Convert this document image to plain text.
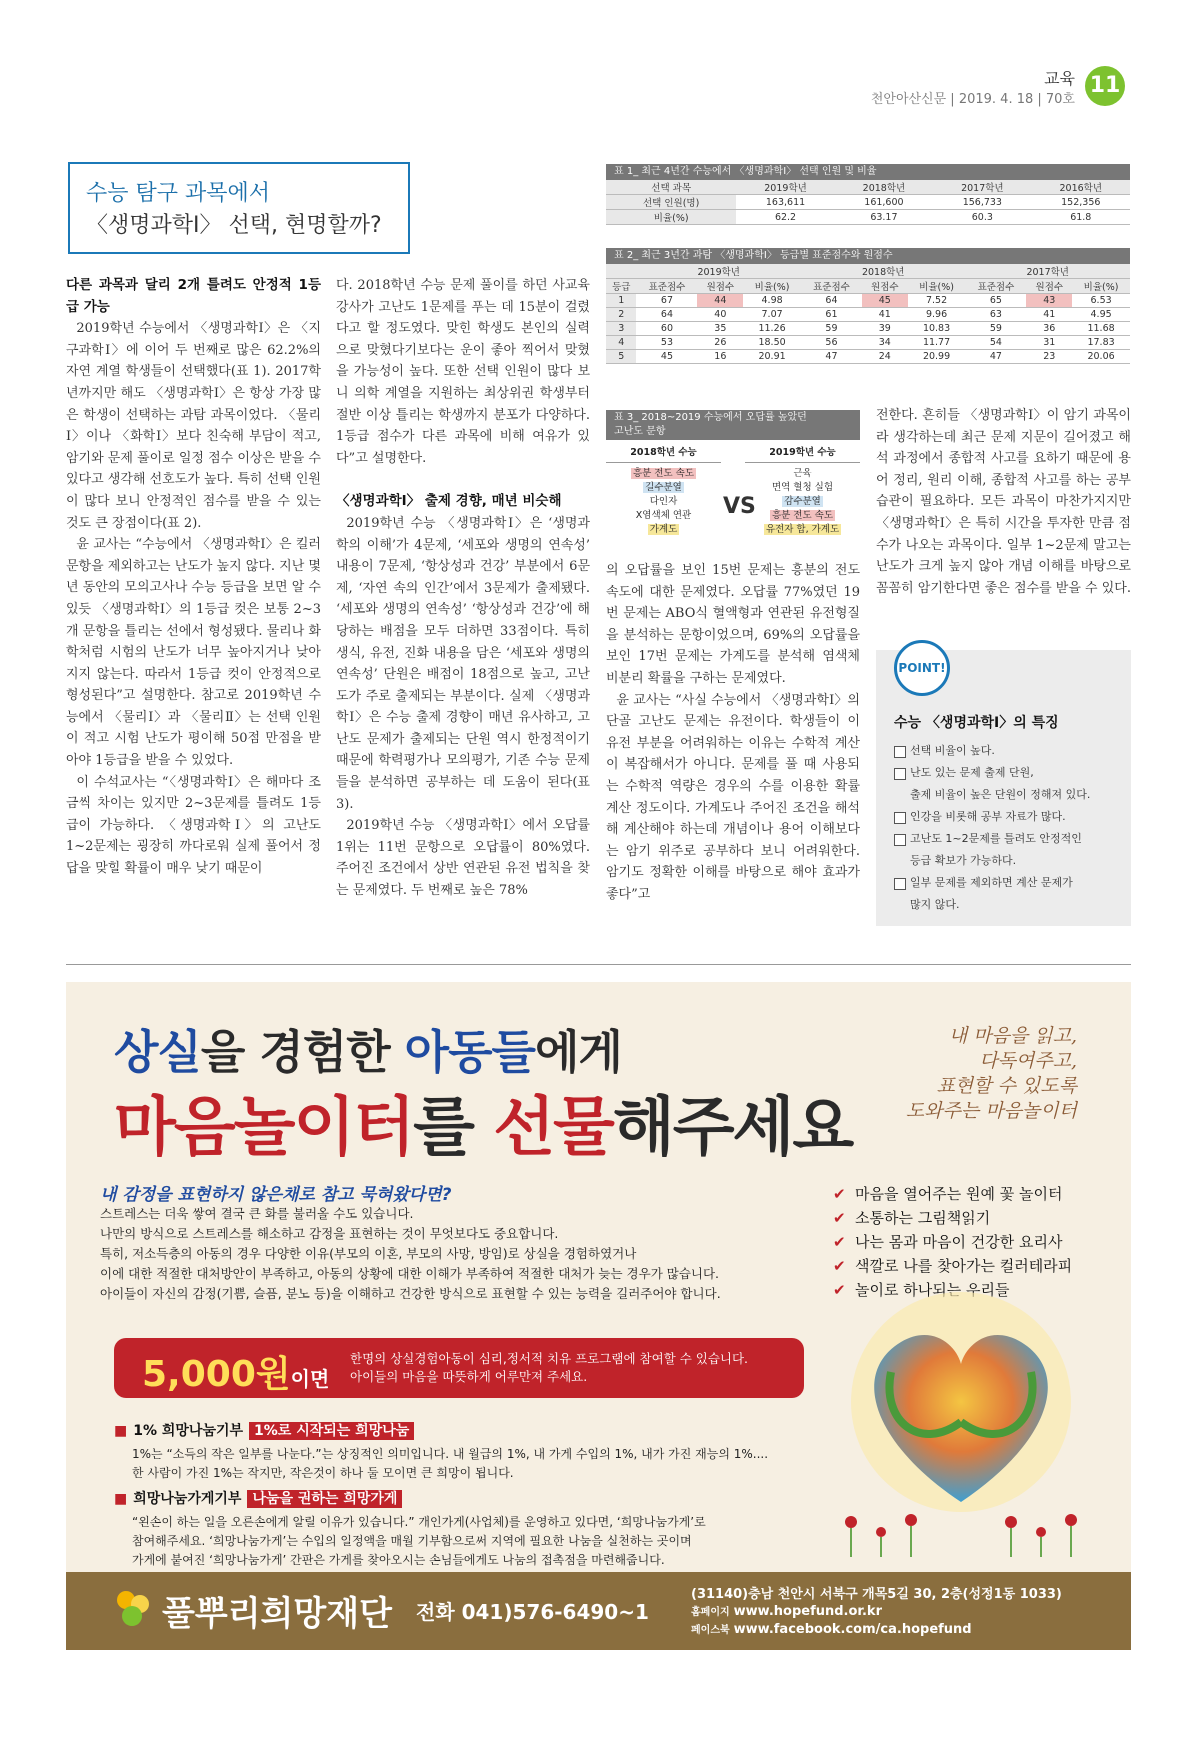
교육
천안아산신문 | 2019. 4. 18 | 70호
11
수능 탐구 과목에서
〈생명과학Ⅰ〉 선택, 현명할까?
다른 과목과 달리 2개 틀려도 안정적 1등급 가능

2019학년 수능에서 〈생명과학Ⅰ〉은 〈지구과학Ⅰ〉에 이어 두 번째로 많은 62.2%의 자연 계열 학생들이 선택했다(표 1). 2017학년까지만 해도 〈생명과학Ⅰ〉은 항상 가장 많은 학생이 선택하는 과탐 과목이었다. 〈물리Ⅰ〉이나 〈화학Ⅰ〉보다 친숙해 부담이 적고, 암기와 문제 풀이로 일정 점수 이상은 받을 수 있다고 생각해 선호도가 높다. 특히 선택 인원이 많다 보니 안정적인 점수를 받을 수 있는 것도 큰 장점이다(표 2).

윤 교사는 “수능에서 〈생명과학Ⅰ〉은 킬러 문항을 제외하고는 난도가 높지 않다. 지난 몇 년 동안의 모의고사나 수능 등급을 보면 알 수 있듯 〈생명과학Ⅰ〉의 1등급 컷은 보통 2~3개 문항을 틀리는 선에서 형성됐다. 물리나 화학처럼 시험의 난도가 너무 높아지거나 낮아지지 않는다. 따라서 1등급 컷이 안정적으로 형성된다”고 설명한다. 참고로 2019학년 수능에서 〈물리Ⅰ〉과 〈물리Ⅱ〉는 선택 인원이 적고 시험 난도가 평이해 50점 만점을 받아야 1등급을 받을 수 있었다.

이 수석교사는 “〈생명과학Ⅰ〉은 해마다 조금씩 차이는 있지만 2~3문제를 틀려도 1등급이 가능하다. 〈생명과학Ⅰ〉의 고난도 1~2문제는 굉장히 까다로워 실제 풀어서 정답을 맞힐 확률이 매우 낮기 때문이

다. 2018학년 수능 문제 풀이를 하던 사교육 강사가 고난도 1문제를 푸는 데 15분이 걸렸다고 할 정도였다. 맞힌 학생도 본인의 실력으로 맞혔다기보다는 운이 좋아 찍어서 맞혔을 가능성이 높다. 또한 선택 인원이 많다 보니 의학 계열을 지원하는 최상위권 학생부터 절반 이상 틀리는 학생까지 분포가 다양하다. 1등급 점수가 다른 과목에 비해 여유가 있다”고 설명한다.

〈생명과학Ⅰ〉 출제 경향, 매년 비슷해

2019학년 수능 〈생명과학Ⅰ〉은 ‘생명과학의 이해’가 4문제, ‘세포와 생명의 연속성’ 내용이 7문제, ‘항상성과 건강’ 부분에서 6문제, ‘자연 속의 인간’에서 3문제가 출제됐다. ‘세포와 생명의 연속성’ ‘항상성과 건강’에 해당하는 배점을 모두 더하면 33점이다. 특히 생식, 유전, 진화 내용을 담은 ‘세포와 생명의 연속성’ 단원은 배점이 18점으로 높고, 고난도가 주로 출제되는 부분이다. 실제 〈생명과학Ⅰ〉은 수능 출제 경향이 매년 유사하고, 고난도 문제가 출제되는 단원 역시 한정적이기 때문에 학력평가나 모의평가, 기존 수능 문제들을 분석하면 공부하는 데 도움이 된다(표 3).

2019학년 수능 〈생명과학Ⅰ〉에서 오답률 1위는 11번 문항으로 오답률이 80%였다. 주어진 조건에서 상반 연관된 유전 법칙을 찾는 문제였다. 두 번째로 높은 78%

의 오답률을 보인 15번 문제는 흥분의 전도 속도에 대한 문제였다. 오답률 77%였던 19번 문제는 ABO식 혈액형과 연관된 유전형질을 분석하는 문항이었으며, 69%의 오답률을 보인 17번 문제는 가계도를 분석해 염색체 비분리 확률을 구하는 문제였다.

윤 교사는 “사실 수능에서 〈생명과학Ⅰ〉의 단골 고난도 문제는 유전이다. 학생들이 이 유전 부분을 어려워하는 이유는 수학적 계산이 복잡해서가 아니다. 문제를 풀 때 사용되는 수학적 역량은 경우의 수를 이용한 확률 계산 정도이다. 가계도나 주어진 조건을 해석해 계산해야 하는데 개념이나 용어 이해보다는 암기 위주로 공부하다 보니 어려워한다. 암기도 정확한 이해를 바탕으로 해야 효과가 좋다”고

전한다. 흔히들 〈생명과학Ⅰ〉이 암기 과목이라 생각하는데 최근 문제 지문이 길어졌고 해석 과정에서 종합적 사고를 요하기 때문에 용어 정리, 원리 이해, 종합적 사고를 하는 공부 습관이 필요하다. 모든 과목이 마찬가지지만 〈생명과학Ⅰ〉은 특히 시간을 투자한 만큼 점수가 나오는 과목이다. 일부 1~2문제 말고는 난도가 크게 높지 않아 개념 이해를 바탕으로 꼼꼼히 암기한다면 좋은 점수를 받을 수 있다.

표 1_ 최근 4년간 수능에서 〈생명과학Ⅰ〉 선택 인원 및 비율
선택 과목	2019학년	2018학년	2017학년	2016학년
선택 인원(명)	163,611	161,600	156,733	152,356
비율(%)	62.2	63.17	60.3	61.8
표 2_ 최근 3년간 과탐 〈생명과학Ⅰ〉 등급별 표준점수와 원점수
	2019학년			2018학년			2017학년		
등급	표준점수	원점수	비율(%)	표준점수	원점수	비율(%)	표준점수	원점수	비율(%)
1	67	44	4.98	64	45	7.52	65	43	6.53
2	64	40	7.07	61	41	9.96	63	41	4.95
3	60	35	11.26	59	39	10.83	59	36	11.68
4	53	26	18.50	56	34	11.77	54	31	17.83
5	45	16	20.91	47	24	20.99	47	23	20.06
표 3_ 2018~2019 수능에서 오답률 높았던
고난도 문항
2018학년 수능
흥분 전도 속도
길수분열
다인자
X염색체 연관
가계도
VS
2019학년 수능
근육
면역 혈청 실험
감수분열
흥분 전도 속도
유전자 합, 가계도
POINT!
수능 〈생명과학Ⅰ〉의 특징
선택 비율이 높다.
난도 있는 문제 출제 단원,
출제 비율이 높은 단원이 정해져 있다.
인강을 비롯해 공부 자료가 많다.
고난도 1~2문제를 틀려도 안정적인
등급 확보가 가능하다.
일부 문제를 제외하면 계산 문제가
많지 않다.
상실을 경험한 아동들에게
마음놀이터를 선물해주세요
내 마음을 읽고,
다독여주고,
표현할 수 있도록
도와주는 마음놀이터
내 감정을 표현하지 않은채로 참고 묵혀왔다면?
스트레스는 더욱 쌓여 결국 큰 화를 불러올 수도 있습니다.
나만의 방식으로 스트레스를 해소하고 감정을 표현하는 것이 무엇보다도 중요합니다.
특히, 저소득층의 아동의 경우 다양한 이유(부모의 이혼, 부모의 사망, 방임)로 상실을 경험하였거나
이에 대한 적절한 대처방안이 부족하고, 아동의 상황에 대한 이해가 부족하여 적절한 대처가 늦는 경우가 많습니다.
아이들이 자신의 감정(기쁨, 슬픔, 분노 등)을 이해하고 건강한 방식으로 표현할 수 있는 능력을 길러주어야 합니다.
✔ 마음을 열어주는 원예 꽃 놀이터
✔ 소통하는 그림책읽기
✔ 나는 몸과 마음이 건강한 요리사
✔ 색깔로 나를 찾아가는 컬러테라피
✔ 놀이로 하나되는 우리들
5,000원이면
한명의 상실경험아동이 심리,정서적 치유 프로그램에 참여할 수 있습니다.
아이들의 마음을 따뜻하게 어루만져 주세요.
■ 1% 희망나눔기부 1%로 시작되는 희망나눔
1%는 “소득의 작은 일부를 나눈다.”는 상징적인 의미입니다. 내 월급의 1%, 내 가게 수입의 1%, 내가 가진 재능의 1%....
한 사람이 가진 1%는 작지만, 작은것이 하나 둘 모이면 큰 희망이 됩니다.
■ 희망나눔가게기부 나눔을 권하는 희망가게
“왼손이 하는 일을 오른손에게 알릴 이유가 있습니다.” 개인가게(사업체)를 운영하고 있다면, ‘희망나눔가게’로
참여해주세요. ‘희망나눔가게’는 수입의 일정액을 매월 기부함으로써 지역에 필요한 나눔을 실천하는 곳이며
가게에 붙여진 ‘희망나눔가게’ 간판은 가게를 찾아오시는 손님들에게도 나눔의 접촉점을 마련해줍니다.
풀뿌리희망재단 전화 041)576-6490~1
(31140)충남 천안시 서북구 개목5길 30, 2층(성정1동 1033)
홈페이지 www.hopefund.or.kr
페이스북 www.facebook.com/ca.hopefund
